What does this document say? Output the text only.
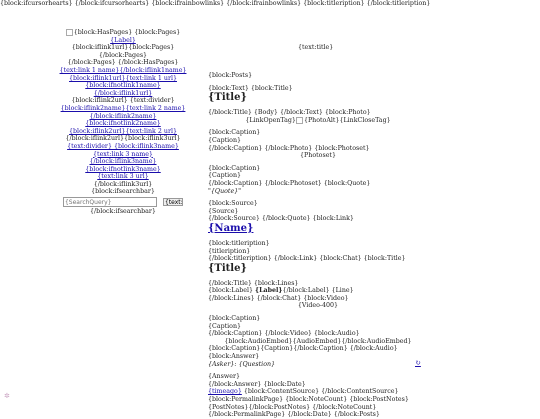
{block:ifcursorhearts} {/block:ifcursorhearts} {block:ifrainbowlinks} {/block:ifrainbowlinks} {block:titleription} {/block:titleription}
{block:HasPages} {block:Pages} {Label}
{block:iflink1url}{block:Pages} {/block:Pages}
{/block:Pages} {/block:HasPages}
{text:link 1 name}{/block:iflink1name}
{block:iflink1url}{text:link 1 url}
{block:ifnotlink1name}{/block:iflink1url}
{block:iflink2url} {text:divider}
{block:iflink2name}{text:link 2 name}
{/block:iflink2name}{block:ifnotlink2name}
{block:iflink2url}{text:link 2 url}
{/block:iflink2url}{block:iflink3url}
{text:divider} {block:iflink3name}{text:link 3 name}
{/block:iflink3name}{block:ifnotlink3name}
{text:link 3 url}
{/block:iflink3url}
{block:ifsearchbar}
{SearchQuery} {text:s
{/block:ifsearchbar}
{text:title}

{block:Posts}

{block:Text} {block:Title}

{Title}

{/block:Title} {Body} {/block:Text} {block:Photo}

{LinkOpenTag} {PhotoAlt}{LinkCloseTag}

{block:Caption}

{Caption}

{/block:Caption} {/block:Photo} {block:Photoset}

{Photoset}

{block:Caption}

{Caption}

{/block:Caption} {/block:Photoset} {block:Quote}

"{Quote}"

{block:Source}

{Source}

{/block:Source} {/block:Quote} {block:Link}

{Name}

{block:titleription}

{titleription}

{/block:titleription} {/block:Link} {block:Chat} {block:Title}

{Title}

{/block:Title} {block:Lines}

{block:Label} {Label}{/block:Label} {Line}

{/block:Lines} {/block:Chat} {block:Video}

{Video-400}

{block:Caption}

{Caption}

{/block:Caption} {/block:Video} {block:Audio}

{block:AudioEmbed}{AudioEmbed}{/block:AudioEmbed}

{block:Caption}{Caption}{/block:Caption} {/block:Audio} {block:Answer}

{Asker}: {Question}

{Answer}

{/block:Answer} {block:Date}

{timeago} {block:ContentSource} {/block:ContentSource}

{block:PermalinkPage} {block:NoteCount} {block:PostNotes}

{PostNotes}{/block:PostNotes} {/block:NoteCount}

{/block:PermalinkPage} {/block:Date} {/block:Posts}

↻
✲
